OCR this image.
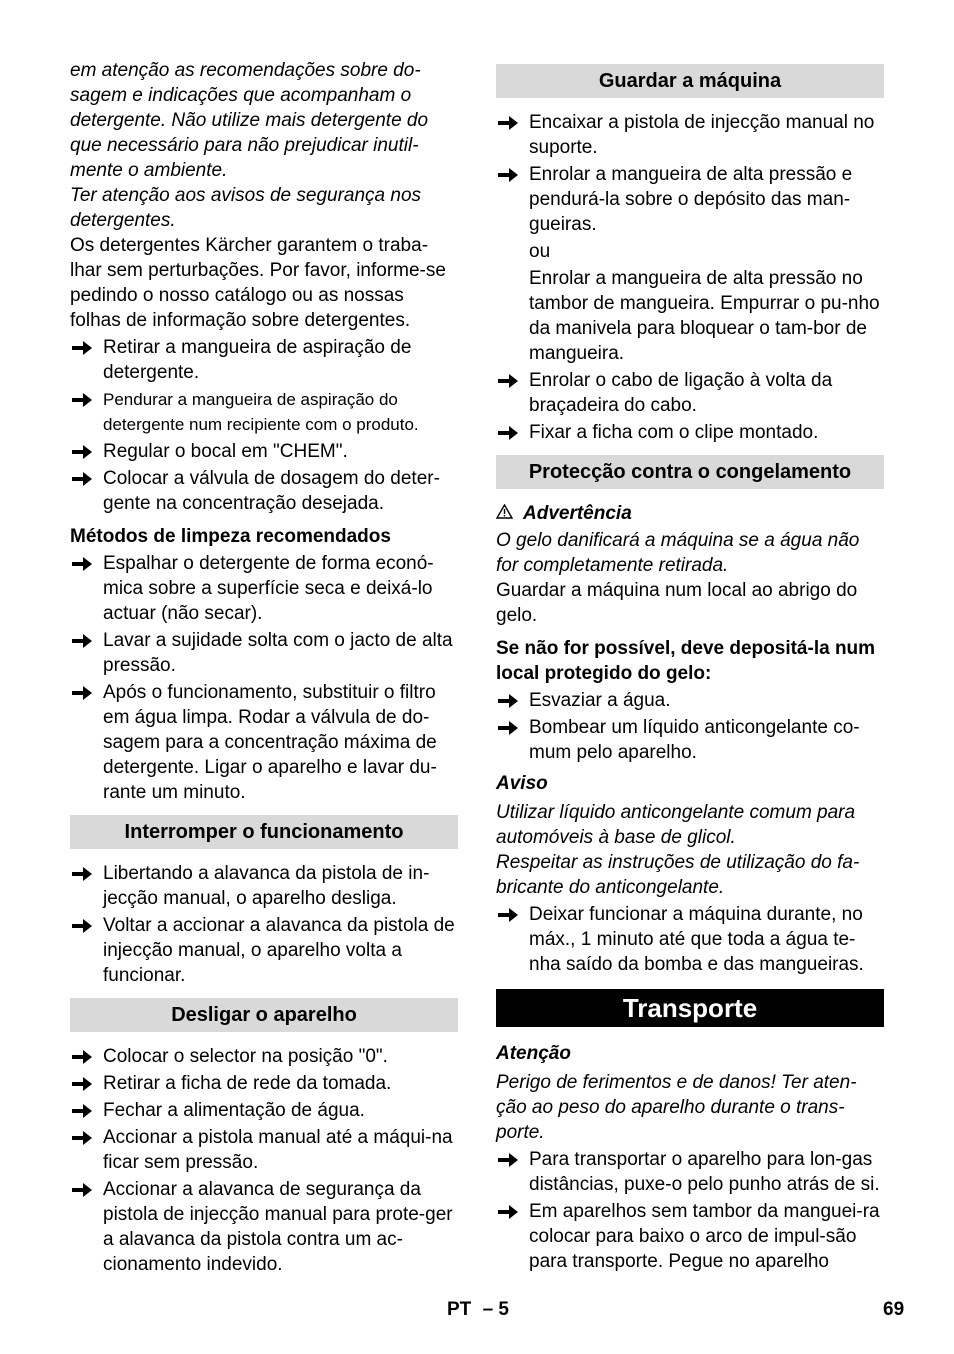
em atenção as recomendações sobre do-sagem e indicações que acompanham o detergente. Não utilize mais detergente do que necessário para não prejudicar inutil-mente o ambiente.

Ter atenção aos avisos de segurança nos detergentes.

Os detergentes Kärcher garantem o traba-lhar sem perturbações. Por favor, informe-se pedindo o nosso catálogo ou as nossas folhas de informação sobre detergentes.

Retirar a mangueira de aspiração de detergente.
Pendurar a mangueira de aspiração do detergente num recipiente com o produto.
Regular o bocal em "CHEM".
Colocar a válvula de dosagem do deter-gente na concentração desejada.

Métodos de limpeza recomendados

Espalhar o detergente de forma econó-mica sobre a superfície seca e deixá-lo actuar (não secar).
Lavar a sujidade solta com o jacto de alta pressão.
Após o funcionamento, substituir o filtro em água limpa. Rodar a válvula de do-sagem para a concentração máxima de detergente. Ligar o aparelho e lavar du-rante um minuto.
Interromper o funcionamento
Libertando a alavanca da pistola de in-jecção manual, o aparelho desliga.
Voltar a accionar a alavanca da pistola de injecção manual, o aparelho volta a funcionar.
Desligar o aparelho
Colocar o selector na posição "0".
Retirar a ficha de rede da tomada.
Fechar a alimentação de água.
Accionar a pistola manual até a máqui-na ficar sem pressão.
Accionar a alavanca de segurança da pistola de injecção manual para prote-ger a alavanca da pistola contra um ac-cionamento indevido.
Guardar a máquina
Encaixar a pistola de injecção manual no suporte.
Enrolar a mangueira de alta pressão e pendurá-la sobre o depósito das man-gueiras.

ou

Enrolar a mangueira de alta pressão no tambor de mangueira. Empurrar o pu-nho da manivela para bloquear o tam-bor de mangueira.

Enrolar o cabo de ligação à volta da braçadeira do cabo.
Fixar a ficha com o clipe montado.
Protecção contra o congelamento
Advertência

O gelo danificará a máquina se a água não for completamente retirada.

Guardar a máquina num local ao abrigo do gelo.

Se não for possível, deve depositá-la num local protegido do gelo:

Esvaziar a água.
Bombear um líquido anticongelante co-mum pelo aparelho.

Aviso

Utilizar líquido anticongelante comum para automóveis à base de glicol.

Respeitar as instruções de utilização do fa-bricante do anticongelante.

Deixar funcionar a máquina durante, no máx., 1 minuto até que toda a água te-nha saído da bomba e das mangueiras.
Transporte

Atenção

Perigo de ferimentos e de danos! Ter aten-ção ao peso do aparelho durante o trans-porte.

Para transportar o aparelho para lon-gas distâncias, puxe-o pelo punho atrás de si.
Em aparelhos sem tambor da manguei-ra colocar para baixo o arco de impul-são para transporte. Pegue no aparelho
PT – 5	69
